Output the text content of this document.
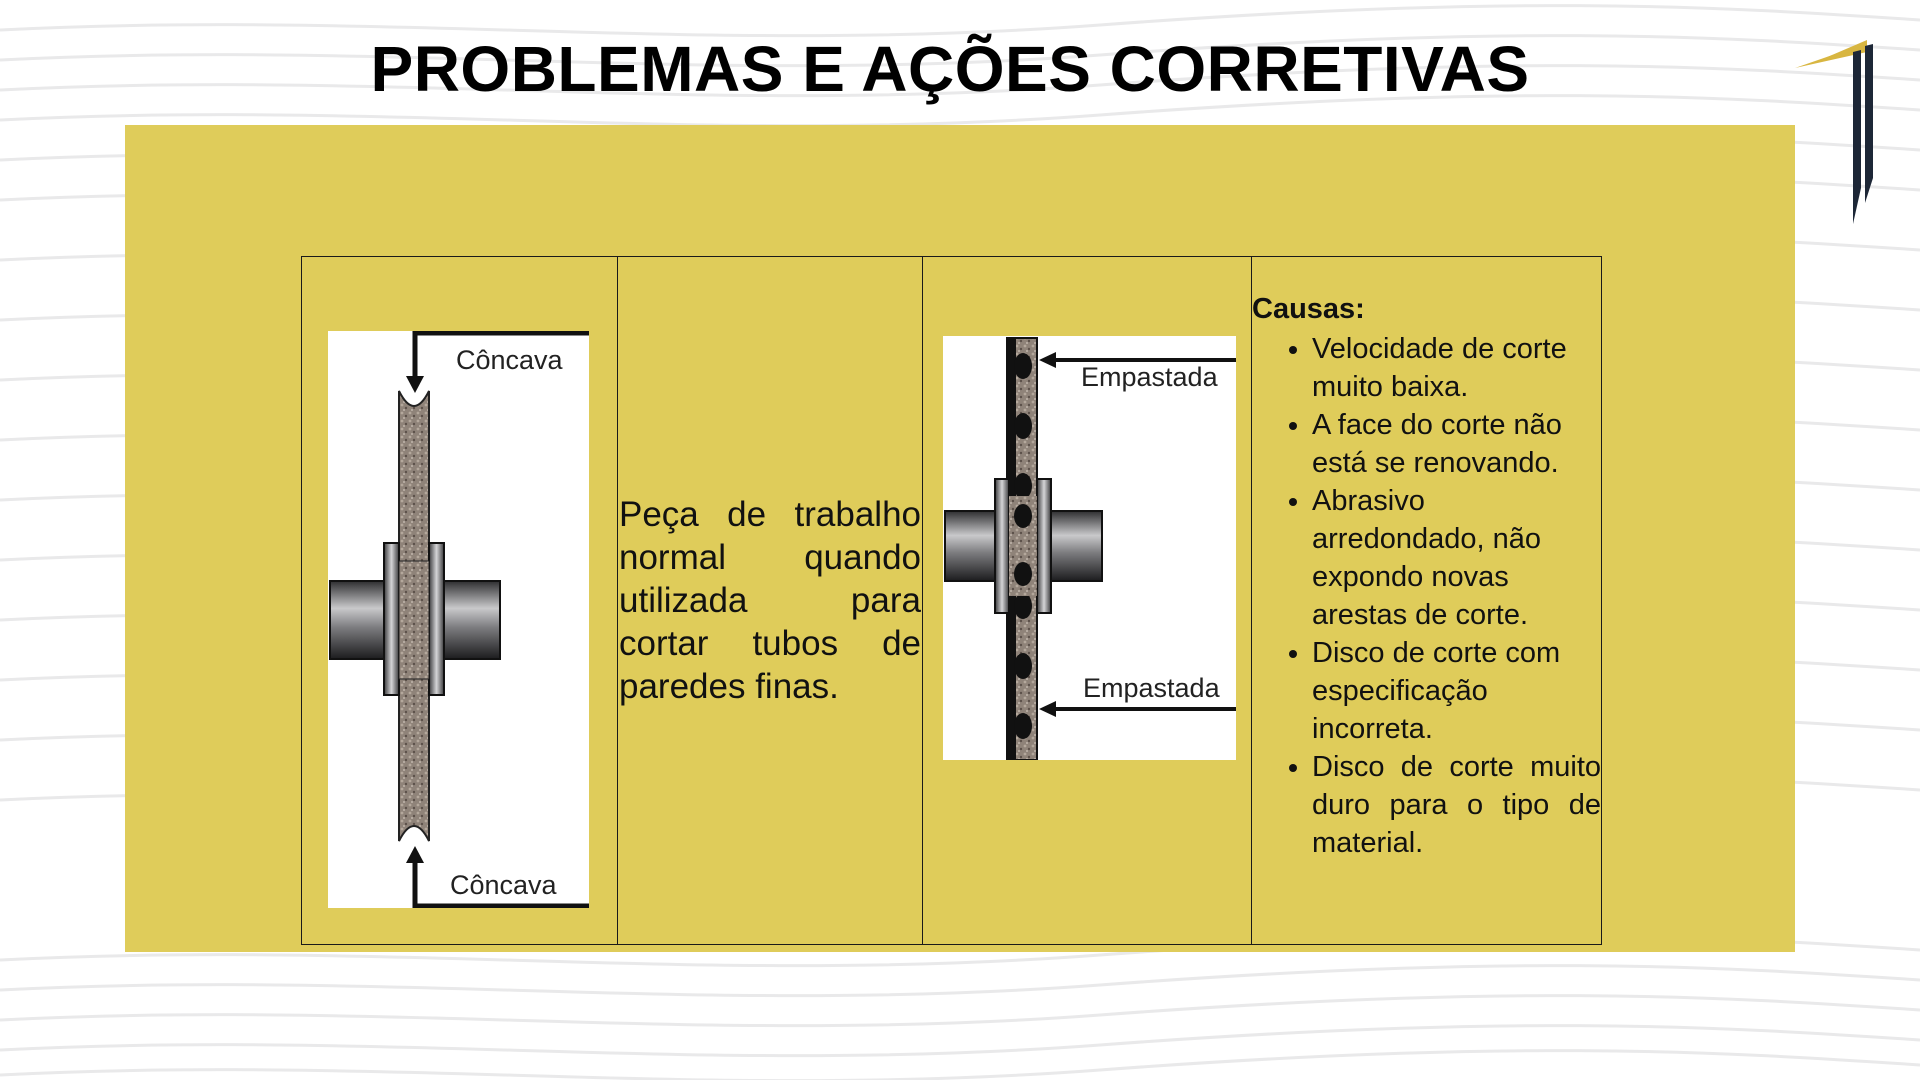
PROBLEMAS E AÇÕES CORRETIVAS
Côncava
Côncava

Peça de trabalho normal quando utilizada para cortar tubos de paredes finas.

Empastada
Empastada

Causas:

• Velocidade de corte muito baixa.
• A face do corte não está se renovando.
• Abrasivo arredondado, não expondo novas arestas de corte.
• Disco de corte com especificação incorreta.
• Disco de corte muito duro para o tipo de material.
